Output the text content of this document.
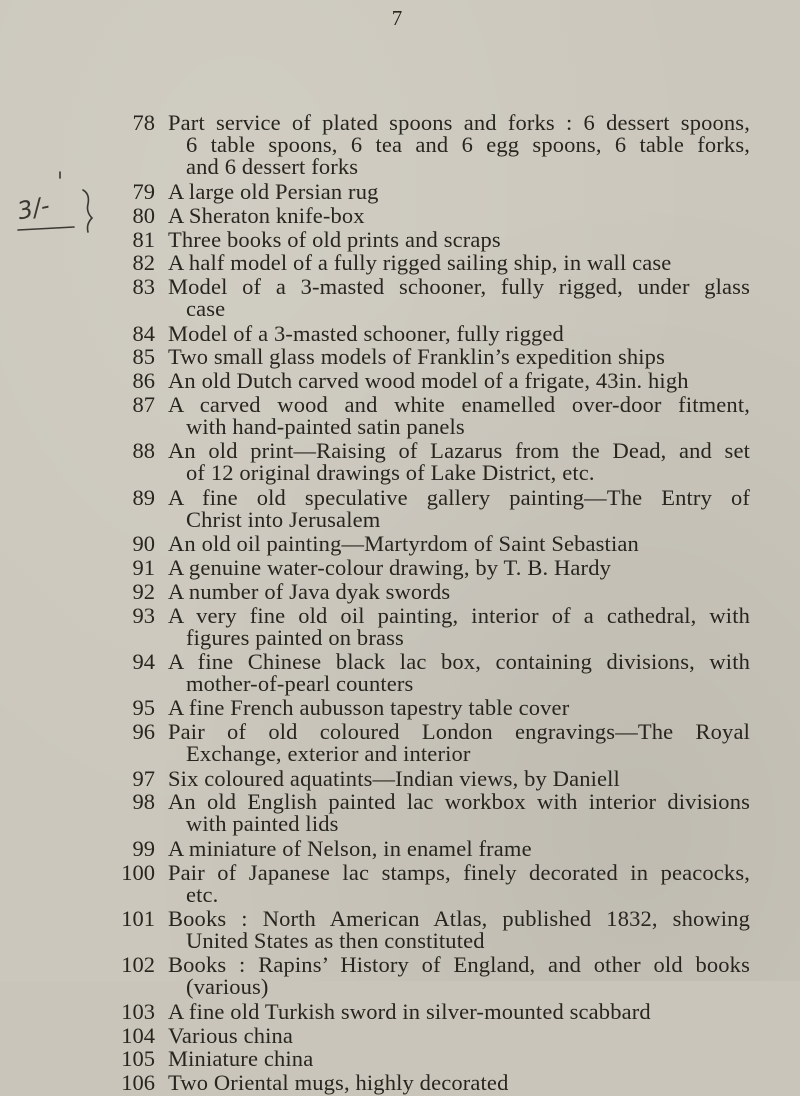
7
3/-
78 Part service of plated spoons and forks : 6 dessert spoons,
6 table spoons, 6 tea and 6 egg spoons, 6 table forks,
and 6 dessert forks
79 A large old Persian rug
80 A Sheraton knife-box
81 Three books of old prints and scraps
82 A half model of a fully rigged sailing ship, in wall case
83 Model of a 3-masted schooner, fully rigged, under glass
case
84 Model of a 3-masted schooner, fully rigged
85 Two small glass models of Franklin’s expedition ships
86 An old Dutch carved wood model of a frigate, 43in. high
87 A carved wood and white enamelled over-door fitment,
with hand-painted satin panels
88 An old print—Raising of Lazarus from the Dead, and set
of 12 original drawings of Lake District, etc.
89 A fine old speculative gallery painting—The Entry of
Christ into Jerusalem
90 An old oil painting—Martyrdom of Saint Sebastian
91 A genuine water-colour drawing, by T. B. Hardy
92 A number of Java dyak swords
93 A very fine old oil painting, interior of a cathedral, with
figures painted on brass
94 A fine Chinese black lac box, containing divisions, with
mother-of-pearl counters
95 A fine French aubusson tapestry table cover
96 Pair of old coloured London engravings—The Royal
Exchange, exterior and interior
97 Six coloured aquatints—Indian views, by Daniell
98 An old English painted lac workbox with interior divisions
with painted lids
99 A miniature of Nelson, in enamel frame
100 Pair of Japanese lac stamps, finely decorated in peacocks,
etc.
101 Books : North American Atlas, published 1832, showing
United States as then constituted
102 Books : Rapins’ History of England, and other old books
(various)
103 A fine old Turkish sword in silver-mounted scabbard
104 Various china
105 Miniature china
106 Two Oriental mugs, highly decorated
